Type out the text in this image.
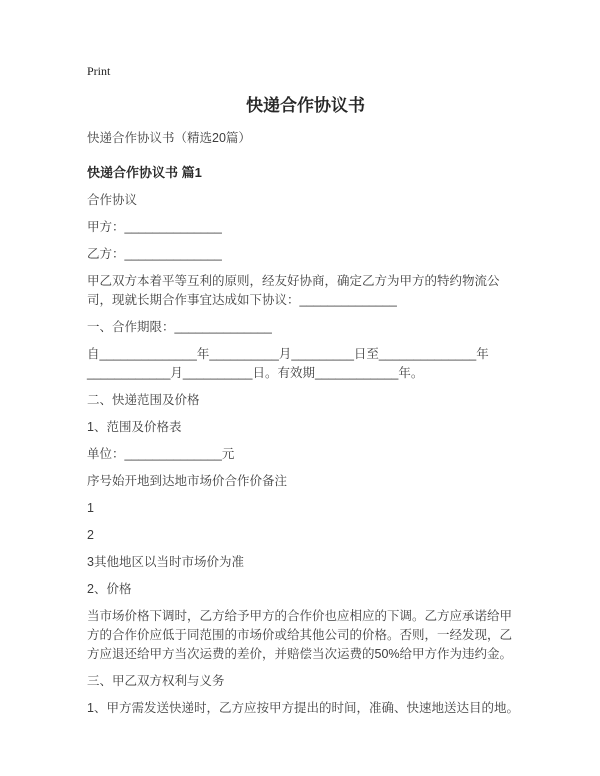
Print
快递合作协议书

快递合作协议书（精选20篇）

快递合作协议书 篇1

合作协议

甲方：______________

乙方：______________

甲乙双方本着平等互利的原则，经友好协商，确定乙方为甲方的特约物流公司，现就长期合作事宜达成如下协议：______________

一、合作期限：______________

自______________年__________月_________日至______________年____________月__________日。有效期____________年。

二、快递范围及价格

1、范围及价格表

单位：______________元

序号始开地到达地市场价合作价备注

1

2

3其他地区以当时市场价为准

2、价格

当市场价格下调时，乙方给予甲方的合作价也应相应的下调。乙方应承诺给甲方的合作价应低于同范围的市场价或给其他公司的价格。否则，一经发现，乙方应退还给甲方当次运费的差价，并赔偿当次运费的50%给甲方作为违约金。

三、甲乙双方权利与义务

1、甲方需发送快递时，乙方应按甲方提出的时间，准确、快速地送达目的地。
